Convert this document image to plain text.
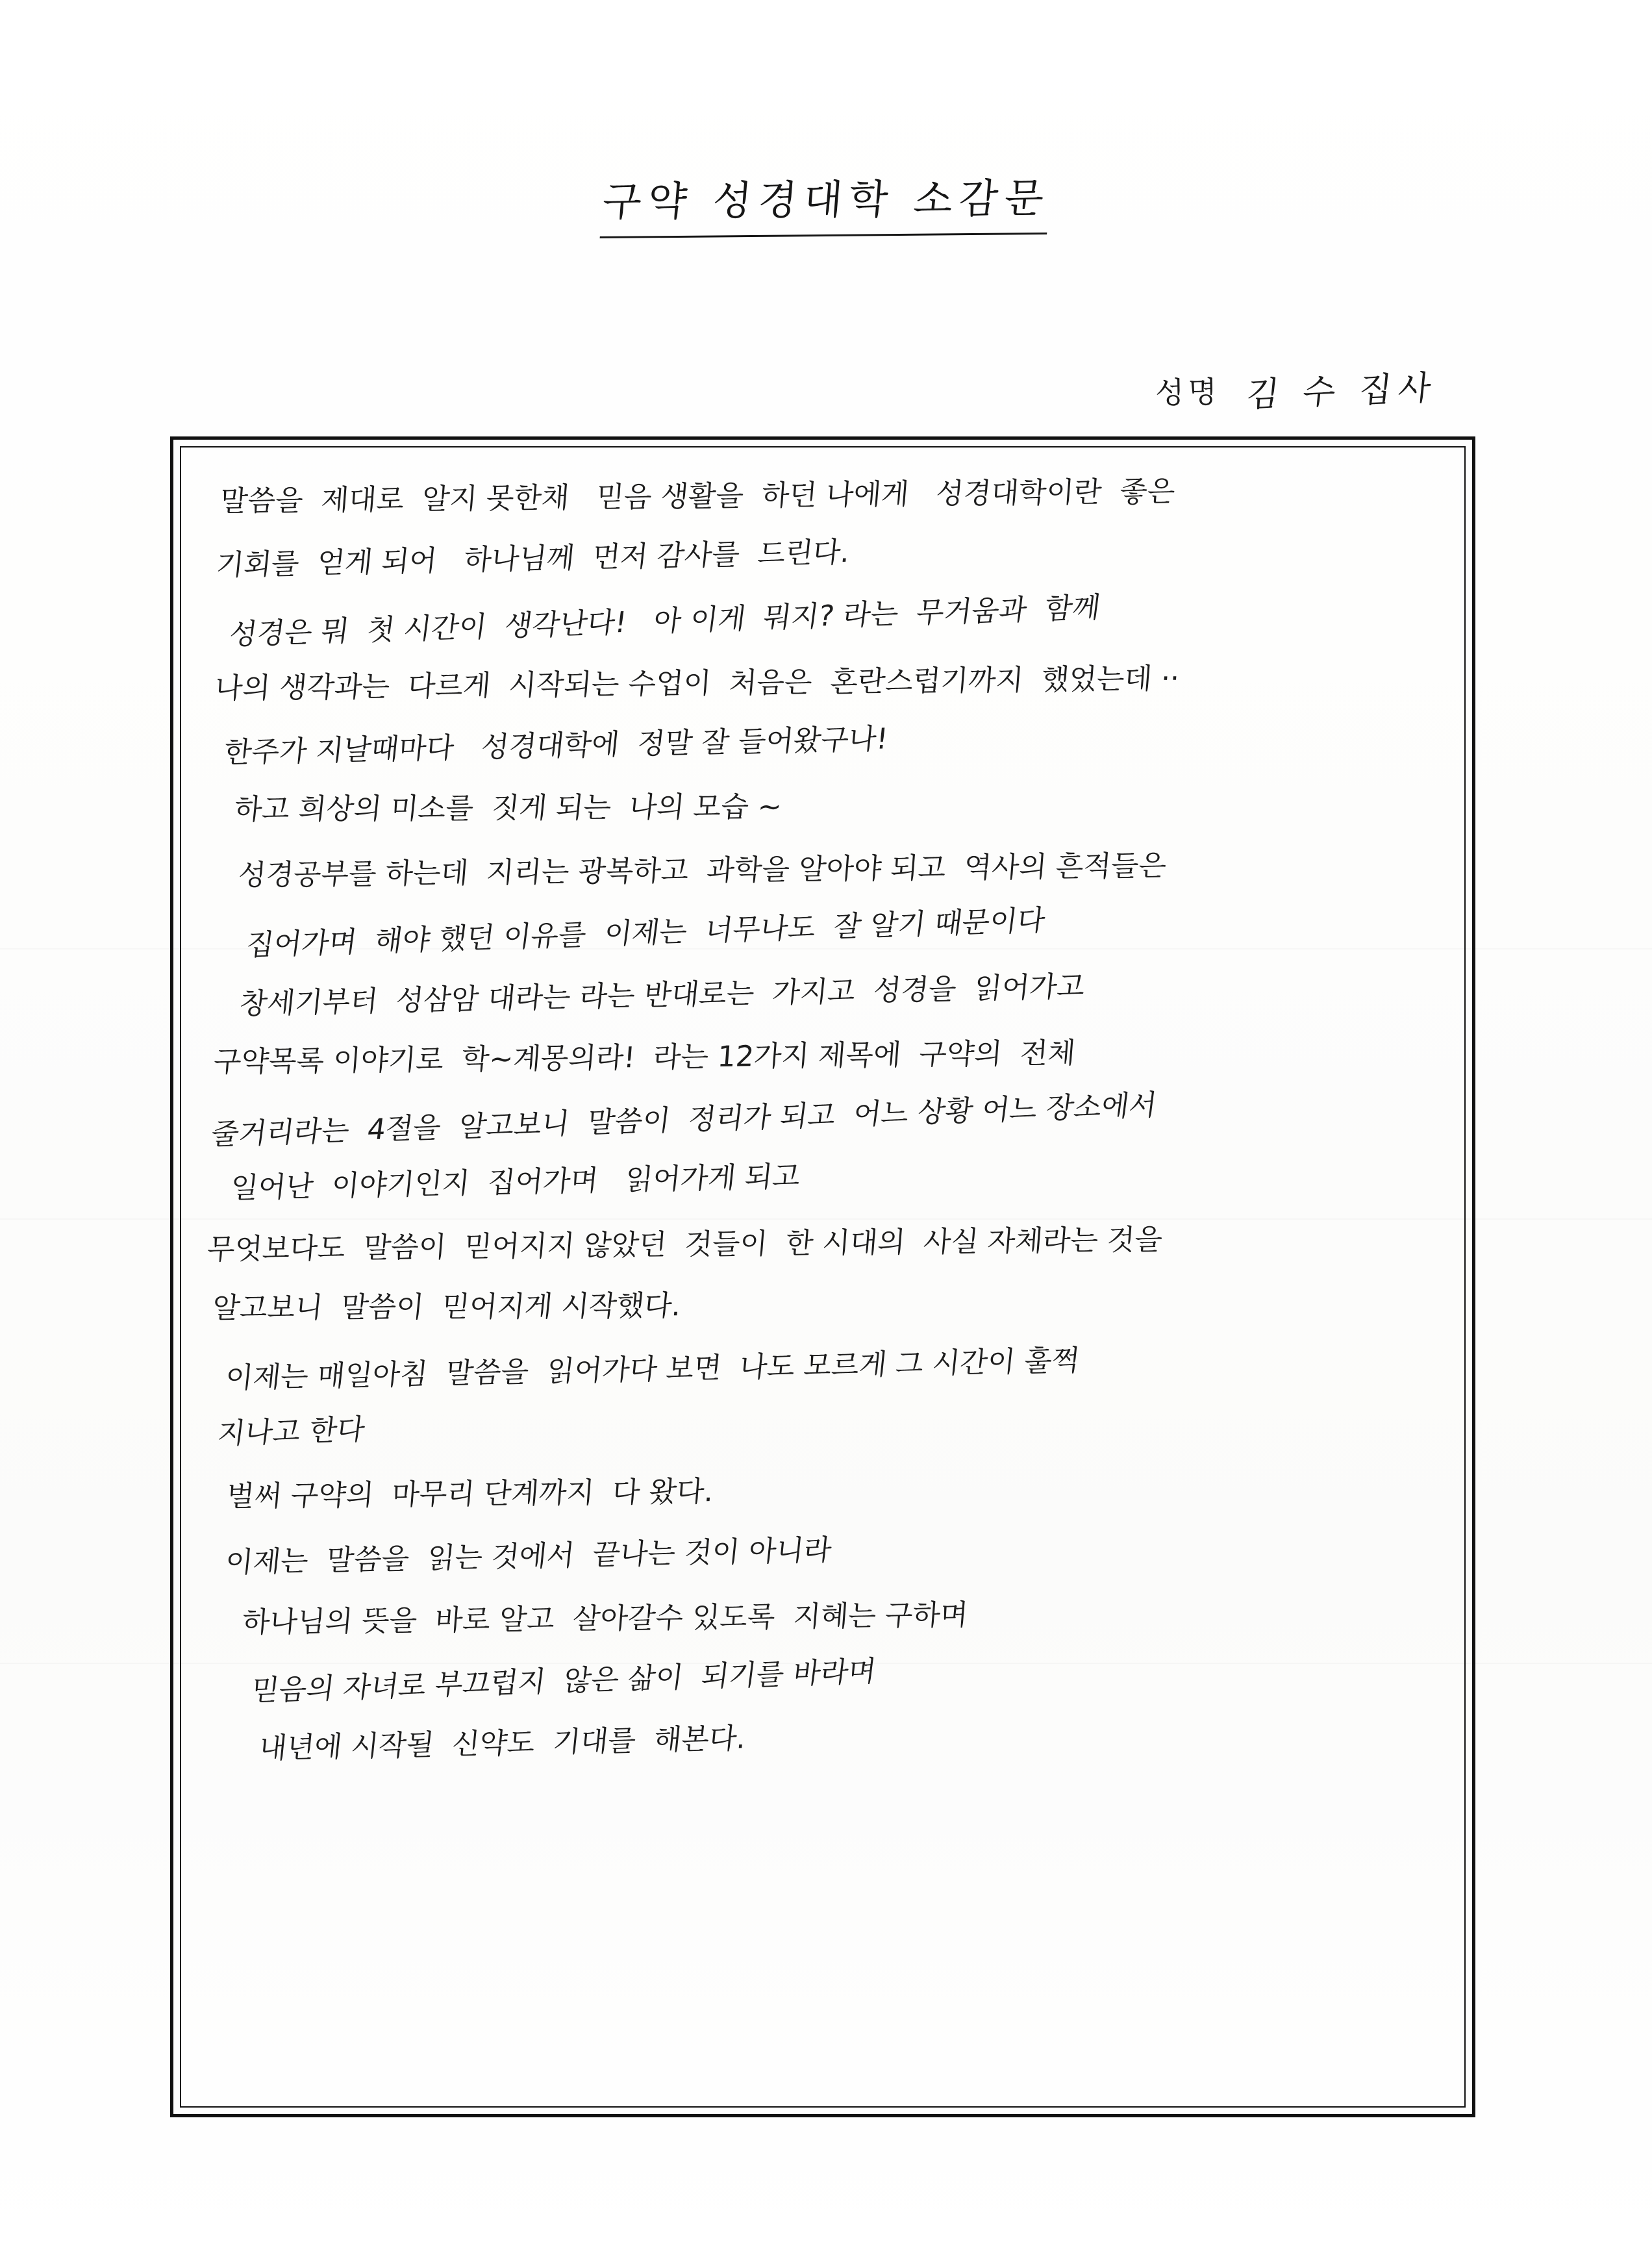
구약 성경대학 소감문
성명 김 수 집사
말씀을  제대로  알지 못한채   믿음 생활을  하던 나에게   성경대학이란  좋은
기회를  얻게 되어   하나님께  먼저 감사를  드린다.
성경은 뭐  첫 시간이  생각난다!   아 이게  뭐지? 라는  무거움과  함께
나의 생각과는  다르게  시작되는 수업이  처음은  혼란스럽기까지  했었는데 ··
한주가 지날때마다   성경대학에  정말 잘 들어왔구나!
하고 희상의 미소를  짓게 되는  나의 모습 ~
성경공부를 하는데  지리는 광복하고  과학을 알아야 되고  역사의 흔적들은
집어가며  해야 했던 이유를  이제는  너무나도  잘 알기 때문이다
창세기부터  성삼암 대라는 라는 반대로는  가지고  성경을  읽어가고
구약목록 이야기로  학~계몽의라!  라는 12가지 제목에  구약의  전체
줄거리라는  4절을  알고보니  말씀이  정리가 되고  어느 상황 어느 장소에서
일어난  이야기인지  집어가며   읽어가게 되고
무엇보다도  말씀이  믿어지지 않았던  것들이  한 시대의  사실 자체라는 것을
알고보니  말씀이  믿어지게 시작했다.
이제는 매일아침  말씀을  읽어가다 보면  나도 모르게 그 시간이 훌쩍
지나고 한다
벌써 구약의  마무리 단계까지  다 왔다.
이제는  말씀을  읽는 것에서  끝나는 것이 아니라
하나님의 뜻을  바로 알고  살아갈수 있도록  지혜는 구하며
믿음의 자녀로 부끄럽지  않은 삶이  되기를 바라며
내년에 시작될  신약도  기대를  해본다.
